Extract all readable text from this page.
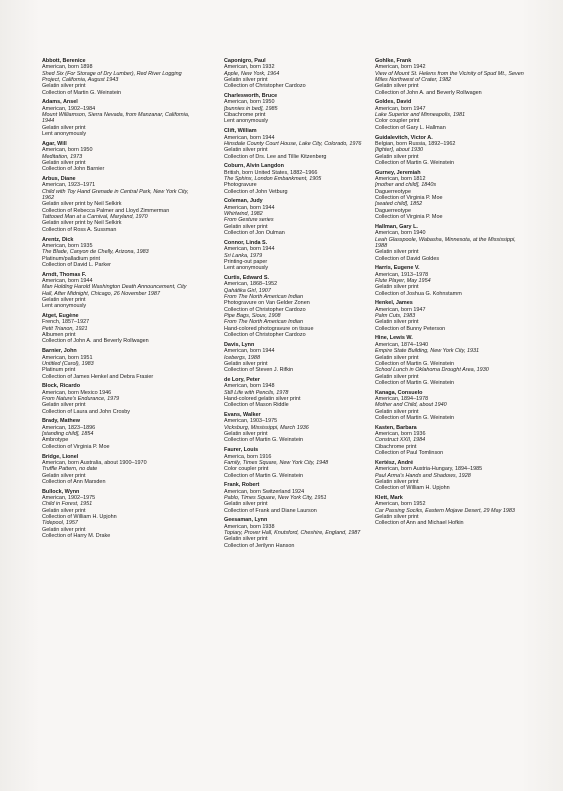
Abbott, Berenice
American, born 1898
Shed Six (For Storage of Dry Lumber), Red River Logging Project, California, August 1943
Gelatin silver print
Collection of Martin G. Weinstein
Adams, Ansel
American, 1902–1984
Mount Williamson, Sierra Nevada, from Manzanar, California, 1944
Gelatin silver print
Lent anonymously
Agar, Will
American, born 1950
Meditation, 1973
Gelatin silver print
Collection of John Barnier
Arbus, Diane
American, 1923–1971
Child with Toy Hand Grenade in Central Park, New York City, 1962
Gelatin silver print by Neil Selkirk
Collection of Rebecca Palmer and Lloyd Zimmerman
Tattooed Man at a Carnival, Maryland, 1970
Gelatin silver print by Neil Selkirk
Collection of Ross A. Sussman
Arentz, Dick
American, born 1935
The Blade, Canyon de Chelly, Arizona, 1983
Platinum/palladium print
Collection of David L. Parker
Arndt, Thomas F.
American, born 1944
Man Holding Harold Washington Death Announcement, City Hall, After Midnight, Chicago, 26 November 1987
Gelatin silver print
Lent anonymously
Atget, Eugène
French, 1857–1927
Petit Trianon, 1921
Albumen print
Collection of John A. and Beverly Rollwagen
Barnier, John
American, born 1951
Untitled (Carol), 1983
Platinum print
Collection of James Henkel and Debra Frasier
Block, Ricardo
American, born Mexico 1946
From Nature's Endurance, 1979
Gelatin silver print
Collection of Laura and John Crosby
Brady, Mathew
American, 1823–1896
[standing child], 1854
Ambrotype
Collection of Virginia P. Moe
Bridge, Lionel
American, born Australia, about 1900–1970
Truffle Pattern, no date
Gelatin silver print
Collection of Ann Marsden
Bullock, Wynn
American, 1902–1975
Child in Forest, 1951
Gelatin silver print
Collection of William H. Upjohn
Tidepool, 1957
Gelatin silver print
Collection of Harry M. Drake
Caponigro, Paul
American, born 1932
Apple, New York, 1964
Gelatin silver print
Collection of Christopher Cardozo
Charlesworth, Bruce
American, born 1950
[bunnies in bed], 1985
Cibachrome print
Lent anonymously
Clift, William
American, born 1944
Hinsdale County Court House, Lake City, Colorado, 1976
Gelatin silver print
Collection of Drs. Lee and Tillie Kitzenberg
Coburn, Alvin Langdon
British, born United States, 1882–1966
The Sphinx, London Embankment, 1905
Photogravure
Collection of John Vetburg
Coleman, Judy
American, born 1944
Whirlwind, 1982
From Gesture series
Gelatin silver print
Collection of Jon Oulman
Connor, Linda S.
American, born 1944
Sri Lanka, 1979
Printing-out paper
Lent anonymously
Curtis, Edward S.
American, 1868–1952
Qahátika Girl, 1907
From The North American Indian
Photogravure on Van Gelder Zonen
Collection of Christopher Cardozo
Pipe Bags, Sioux, 1908
From The North American Indian
Hand-colored photogravure on tissue
Collection of Christopher Cardozo
Davis, Lynn
American, born 1944
Icebergs, 1988
Gelatin silver print
Collection of Steven J. Rifkin
de Lory, Peter
American, born 1948
Still Life with Pencils, 1978
Hand-colored gelatin silver print
Collection of Mason Riddle
Evans, Walker
American, 1903–1975
Vicksburg, Mississippi, March 1936
Gelatin silver print
Collection of Martin G. Weinstein
Faurer, Louis
America, born 1916
Family, Times Square, New York City, 1948
Color coupler print
Collection of Martin G. Weinstein
Frank, Robert
American, born Switzerland 1924
Pablo, Times Square, New York City, 1951
Gelatin silver print
Collection of Frank and Diane Laurson
Geesaman, Lynn
American, born 1938
Topiary, Prover Hall, Knutsford, Cheshire, England, 1987
Gelatin silver print
Collection of Jerilynn Hanson
Gohlke, Frank
American, born 1942
View of Mount St. Helens from the Vicinity of Spud Mt., Seven Miles Northwest of Crater, 1982
Gelatin silver print
Collection of John A. and Beverly Rollwagen
Goldes, David
American, born 1947
Lake Superior and Minneapolis, 1981
Color coupler print
Collection of Gary L. Hallman
Guidalevitch, Victor A.
Belgian, born Russia, 1892–1962
[lighter], about 1930
Gelatin silver print
Collection of Martin G. Weinstein
Gurney, Jeremiah
American, born 1812
[mother and child], 1840s
Daguerreotype
Collection of Virginia P. Moe
[seated child], 1852
Daguerreotype
Collection of Virginia P. Moe
Hallman, Gary L.
American, born 1940
Leah Glasspoole, Wabasha, Minnesota, at the Mississippi, 1988
Gelatin silver print
Collection of David Goldes
Harris, Eugene V.
American, 1913–1978
Flute Player, May 1954
Gelatin silver print
Collection of Joshua G. Kohnstamm
Henkel, James
American, born 1947
Palm Cuts, 1983
Gelatin silver print
Collection of Bunny Peterson
Hine, Lewis W.
American, 1874–1940
Empire State Building, New York City, 1931
Gelatin silver print
Collection of Martin G. Weinstein
School Lunch in Oklahoma Drought Area, 1930
Gelatin silver print
Collection of Martin G. Weinstein
Kanaga, Consuelo
American, 1894–1978
Mother and Child, about 1940
Gelatin silver print
Collection of Martin G. Weinstein
Kasten, Barbara
American, born 1936
Construct XXII, 1984
Cibachrome print
Collection of Paul Tomlinson
Kertész, André
American, born Austria-Hungary, 1894–1985
Paul Arma's Hands and Shadows, 1928
Gelatin silver print
Collection of William H. Upjohn
Klett, Mark
American, born 1952
Car Passing Sociks, Eastern Mojave Desert, 29 May 1983
Gelatin silver print
Collection of Ann and Michael Hofkin
